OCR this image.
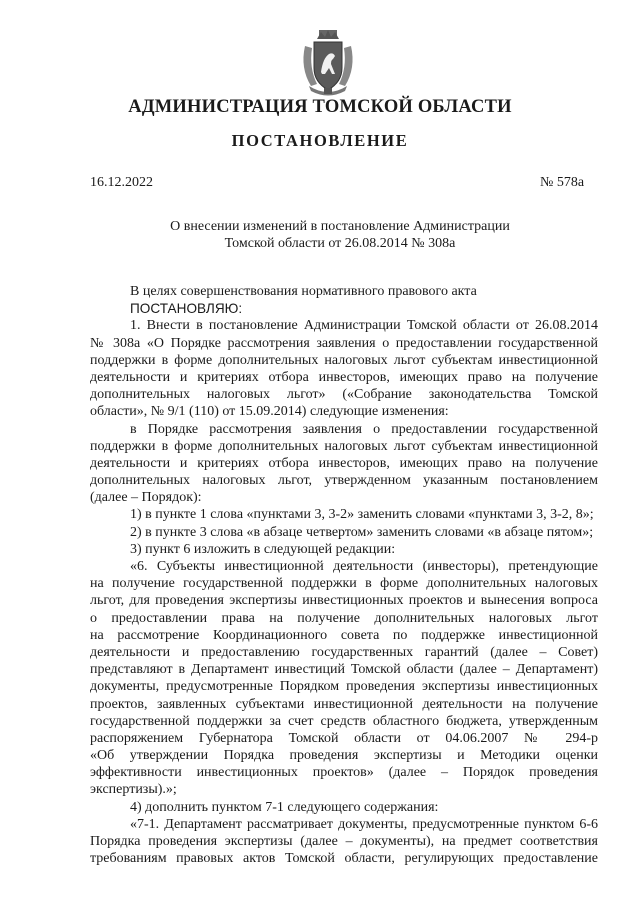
АДМИНИСТРАЦИЯ ТОМСКОЙ ОБЛАСТИ
ПОСТАНОВЛЕНИЕ
16.12.2022	№ 578а
О внесении изменений в постановление Администрации
Томской области от 26.08.2014 № 308а
В целях совершенствования нормативного правового акта
ПОСТАНОВЛЯЮ:
1. Внести в постановление Администрации Томской области от 26.08.2014
№ 308а «О Порядке рассмотрения заявления о предоставлении государственной
поддержки в форме дополнительных налоговых льгот субъектам инвестиционной
деятельности и критериях отбора инвесторов, имеющих право на получение
дополнительных налоговых льгот» («Собрание законодательства Томской
области», № 9/1 (110) от 15.09.2014) следующие изменения:
в Порядке рассмотрения заявления о предоставлении государственной
поддержки в форме дополнительных налоговых льгот субъектам инвестиционной
деятельности и критериях отбора инвесторов, имеющих право на получение
дополнительных налоговых льгот, утвержденном указанным постановлением
(далее – Порядок):
1) в пункте 1 слова «пунктами 3, 3-2» заменить словами «пунктами 3, 3-2, 8»;
2) в пункте 3 слова «в абзаце четвертом» заменить словами «в абзаце пятом»;
3) пункт 6 изложить в следующей редакции:
«6. Субъекты инвестиционной деятельности (инвесторы), претендующие
на получение государственной поддержки в форме дополнительных налоговых
льгот, для проведения экспертизы инвестиционных проектов и вынесения вопроса
о предоставлении права на получение дополнительных налоговых льгот
на рассмотрение Координационного совета по поддержке инвестиционной
деятельности и предоставлению государственных гарантий (далее – Совет)
представляют в Департамент инвестиций Томской области (далее – Департамент)
документы, предусмотренные Порядком проведения экспертизы инвестиционных
проектов, заявленных субъектами инвестиционной деятельности на получение
государственной поддержки за счет средств областного бюджета, утвержденным
распоряжением Губернатора Томской области от 04.06.2007 № 294-р
«Об утверждении Порядка проведения экспертизы и Методики оценки
эффективности инвестиционных проектов» (далее – Порядок проведения
экспертизы).»;
4) дополнить пунктом 7-1 следующего содержания:
«7-1. Департамент рассматривает документы, предусмотренные пунктом 6-6
Порядка проведения экспертизы (далее – документы), на предмет соответствия
требованиям правовых актов Томской области, регулирующих предоставление
